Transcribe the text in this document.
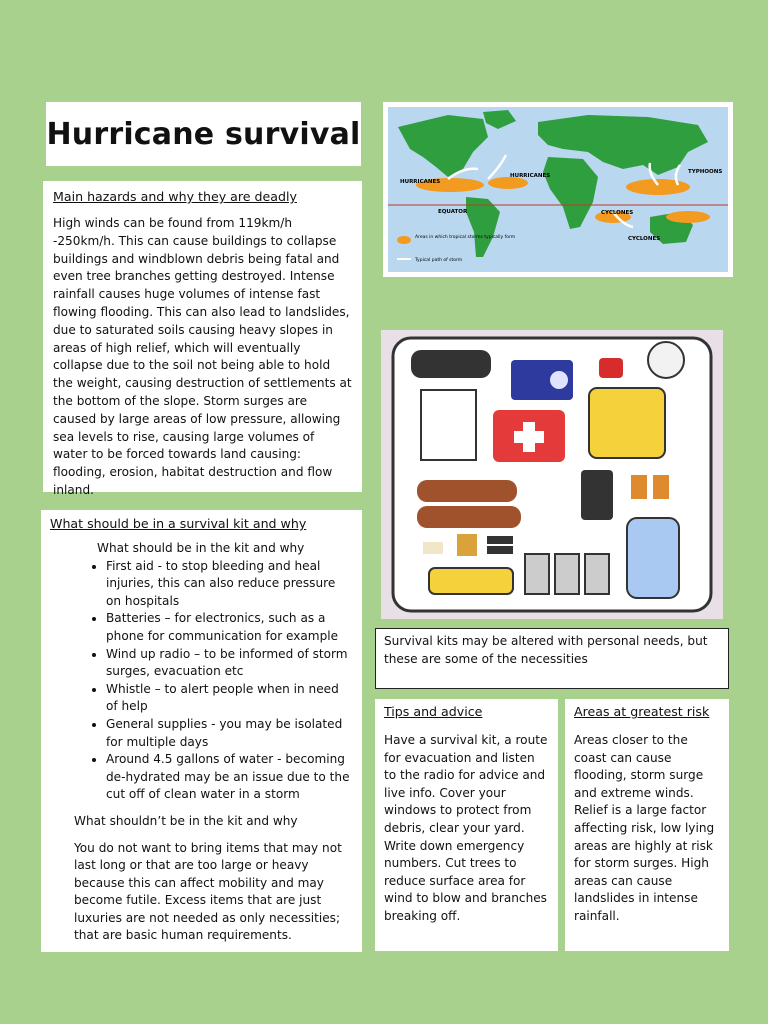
Hurricane survival
Main hazards and why they are deadly

High winds can be found from 119km/h -250km/h. This can cause buildings to collapse buildings and windblown debris being fatal and even tree branches getting destroyed. Intense rainfall causes huge volumes of intense fast flowing flooding. This can also lead to landslides, due to saturated soils causing heavy slopes in areas of high relief, which will eventually collapse due to the soil not being able to hold the weight, causing destruction of settlements at the bottom of the slope. Storm surges are caused by large areas of low pressure, allowing sea levels to rise, causing large volumes of water to be forced towards land causing: flooding, erosion, habitat destruction and flow inland.

What should be in a survival kit and why
What should be in the kit and why
• First aid - to stop bleeding and heal injuries, this can also reduce pressure on hospitals
• Batteries – for electronics, such as a phone for communication for example
• Wind up radio – to be informed of storm surges, evacuation etc
• Whistle – to alert people when in need of help
• General supplies - you may be isolated for multiple days
• Around 4.5 gallons of water - becoming de-hydrated may be an issue due to the cut off of clean water in a storm
What shouldn’t be in the kit and why

You do not want to bring items that may not last long or that are too large or heavy because this can affect mobility and may become futile. Excess items that are just luxuries are not needed as only necessities; that are basic human requirements.

HURRICANES
HURRICANES
TYPHOONS
EQUATOR	CYCLONES
CYCLONES
Areas in which tropical storms typically form
Typical path of storm
Survival kits may be altered with personal needs, but these are some of the necessities
Tips and advice

Have a survival kit, a route for evacuation and listen to the radio for advice and live info. Cover your windows to protect from debris, clear your yard. Write down emergency numbers. Cut trees to reduce surface area for wind to blow and branches breaking off.

Areas at greatest risk

Areas closer to the coast can cause flooding, storm surge and extreme winds. Relief is a large factor affecting risk, low lying areas are highly at risk for storm surges. High areas can cause landslides in intense rainfall.
